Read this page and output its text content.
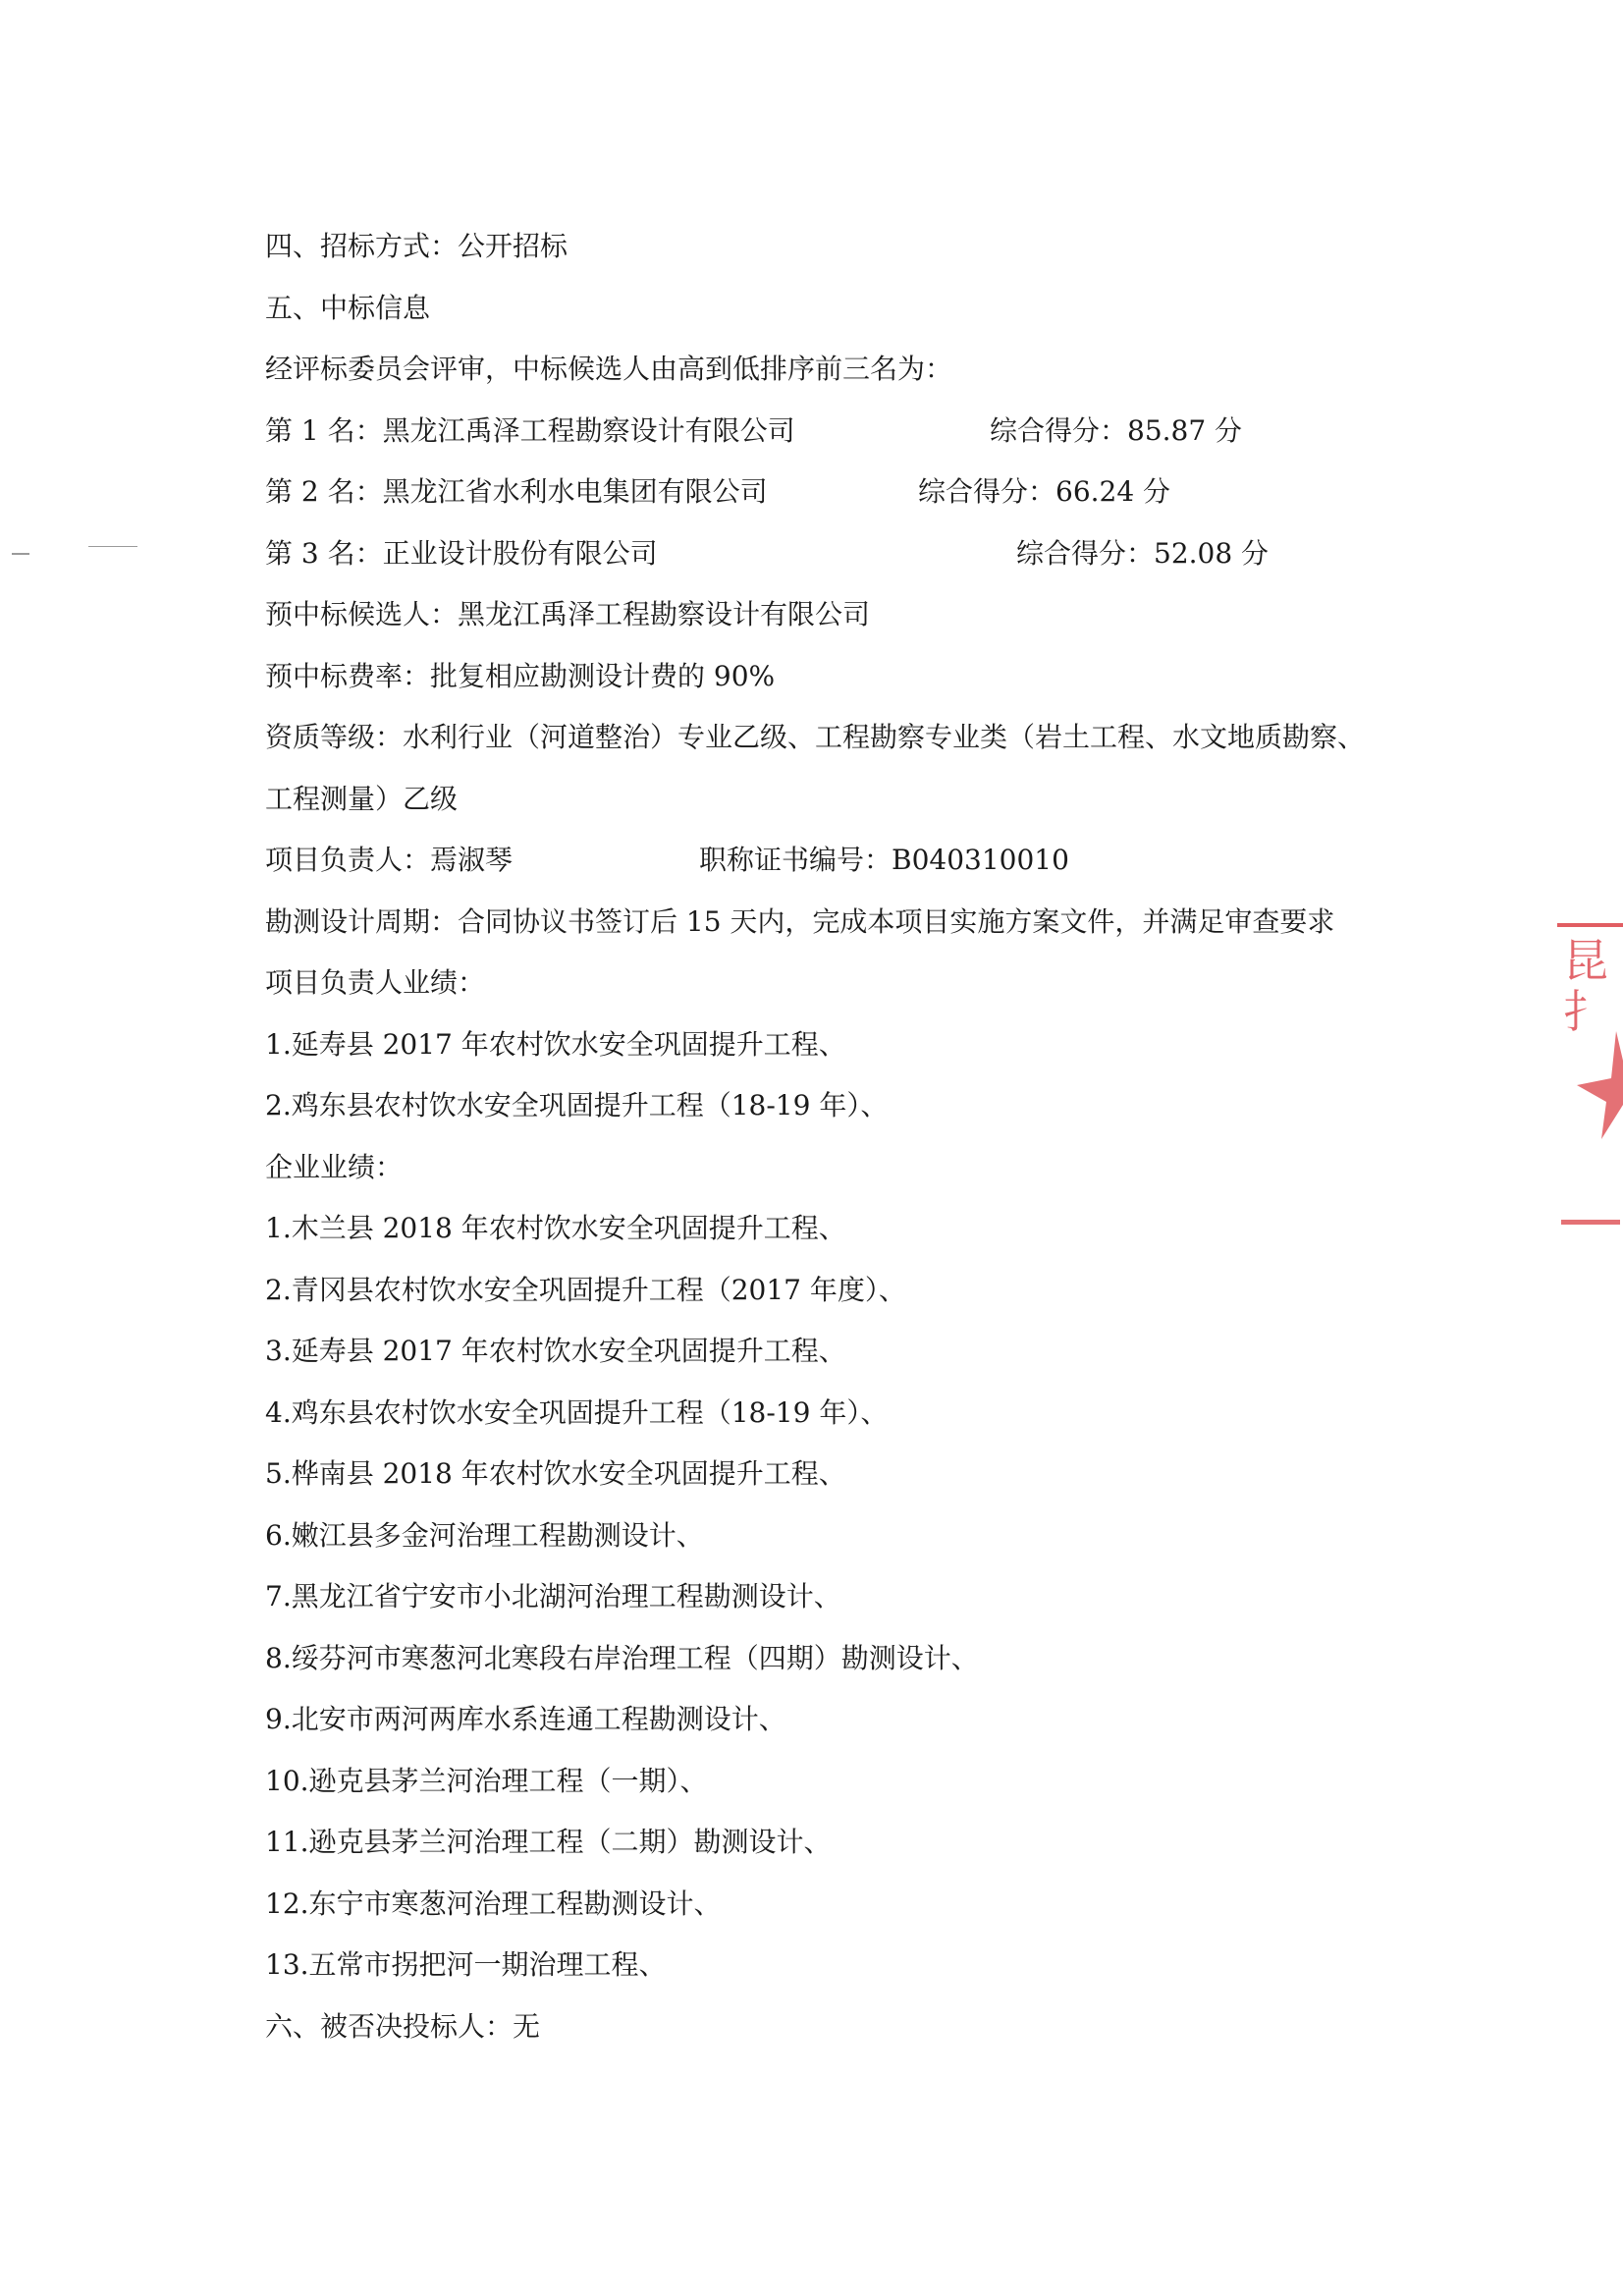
四、招标方式：公开招标
五、中标信息
经评标委员会评审，中标候选人由高到低排序前三名为：
第 1 名：黑龙江禹泽工程勘察设计有限公司	综合得分：85.87 分
第 2 名：黑龙江省水利水电集团有限公司	综合得分：66.24 分
第 3 名：正业设计股份有限公司	综合得分：52.08 分
预中标候选人：黑龙江禹泽工程勘察设计有限公司
预中标费率：批复相应勘测设计费的 90%
资质等级：水利行业（河道整治）专业乙级、工程勘察专业类（岩土工程、水文地质勘察、
工程测量）乙级
项目负责人：焉淑琴	职称证书编号：B040310010
勘测设计周期：合同协议书签订后 15 天内，完成本项目实施方案文件，并满足审查要求
项目负责人业绩：
1.延寿县 2017 年农村饮水安全巩固提升工程、
2.鸡东县农村饮水安全巩固提升工程（18-19 年）、
企业业绩：
1.木兰县 2018 年农村饮水安全巩固提升工程、
2.青冈县农村饮水安全巩固提升工程（2017 年度）、
3.延寿县 2017 年农村饮水安全巩固提升工程、
4.鸡东县农村饮水安全巩固提升工程（18-19 年）、
5.桦南县 2018 年农村饮水安全巩固提升工程、
6.嫩江县多金河治理工程勘测设计、
7.黑龙江省宁安市小北湖河治理工程勘测设计、
8.绥芬河市寒葱河北寒段右岸治理工程（四期）勘测设计、
9.北安市两河两库水系连通工程勘测设计、
10.逊克县茅兰河治理工程（一期）、
11.逊克县茅兰河治理工程（二期）勘测设计、
12.东宁市寒葱河治理工程勘测设计、
13.五常市拐把河一期治理工程、
六、被否决投标人：无
昆扌
